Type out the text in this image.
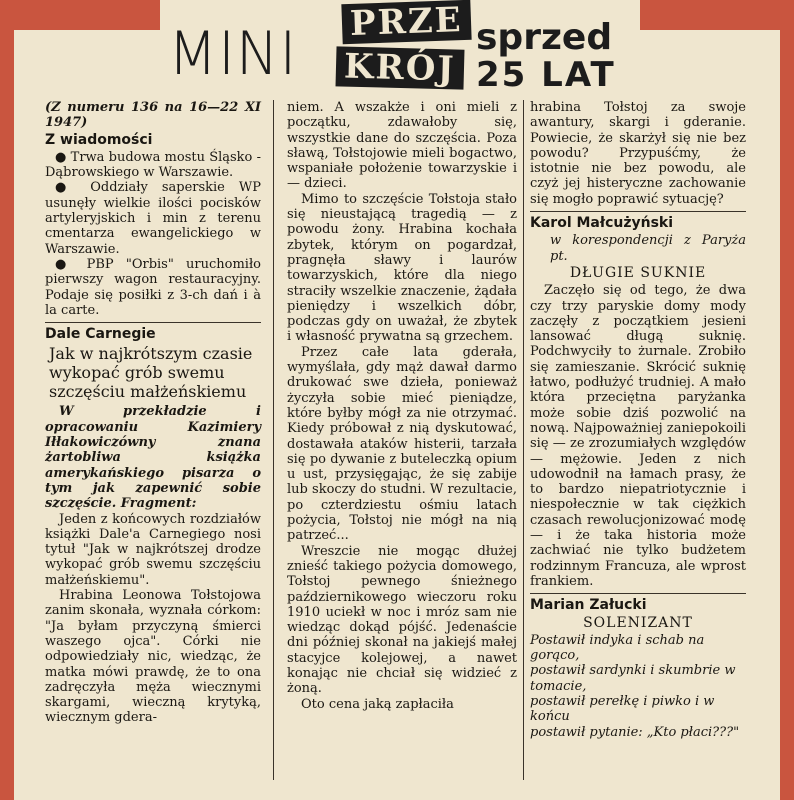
MINI PRZE
KRÓJ
sprzed
25 LAT

(Z numeru 136 na 16—22 XI 1947)

Z wiadomości

● Trwa budowa mostu Śląsko - Dąbrowskiego w Warszawie.

● Oddziały saperskie WP usunęły wielkie ilości pocisków artyleryjskich i min z terenu cmentarza ewangelickiego w Warszawie.

● PBP "Orbis" uruchomiło pierwszy wagon restauracyjny. Podaje się posiłki z 3-ch dań i à la carte.

Dale Carnegie

Jak w najkrótszym czasie wykopać grób swemu szczęściu małżeńskiemu

W przekładzie i opracowaniu Kazimiery Iłłakowiczówny znana żartobliwa książka amerykańskiego pisarza o tym jak zapewnić sobie szczęście. Fragment:

Jeden z końcowych rozdziałów książki Dale'a Carnegiego nosi tytuł "Jak w najkrótszej drodze wykopać grób swemu szczęściu małżeńskiemu".

Hrabina Leonowa Tołstojowa zanim skonała, wyznała córkom: "Ja byłam przyczyną śmierci waszego ojca". Córki nie odpowiedziały nic, wiedząc, że matka mówi prawdę, że to ona zadręczyła męża wiecznymi skargami, wieczną krytyką, wiecznym gdera-

niem. A wszakże i oni mieli z początku, zdawałoby się, wszystkie dane do szczęścia. Poza sławą, Tołstojowie mieli bogactwo, wspaniałe położenie towarzyskie i — dzieci.

Mimo to szczęście Tołstoja stało się nieustającą tragedią — z powodu żony. Hrabina kochała zbytek, którym on pogardzał, pragnęła sławy i laurów towarzyskich, które dla niego straciły wszelkie znaczenie, żądała pieniędzy i wszelkich dóbr, podczas gdy on uważał, że zbytek i własność prywatna są grzechem.

Przez całe lata gderała, wymyślała, gdy mąż dawał darmo drukować swe dzieła, ponieważ życzyła sobie mieć pieniądze, które byłby mógł za nie otrzymać. Kiedy próbował z nią dyskutować, dostawała ataków histerii, tarzała się po dywanie z buteleczką opium u ust, przysięgając, że się zabije lub skoczy do studni. W rezultacie, po czterdziestu ośmiu latach pożycia, Tołstoj nie mógł na nią patrzeć...

Wreszcie nie mogąc dłużej znieść takiego pożycia domowego, Tołstoj pewnego śnieżnego październikowego wieczoru roku 1910 uciekł w noc i mróz sam nie wiedząc dokąd pójść. Jedenaście dni później skonał na jakiejś małej stacyjce kolejowej, a nawet konając nie chciał się widzieć z żoną.

Oto cena jaką zapłaciła

hrabina Tołstoj za swoje awantury, skargi i gderanie. Powiecie, że skarżył się nie bez powodu? Przypuśćmy, że istotnie nie bez powodu, ale czyż jej histeryczne zachowanie się mogło poprawić sytuację?

Karol Małcużyński

w korespondencji z Paryża pt.

DŁUGIE SUKNIE

Zaczęło się od tego, że dwa czy trzy paryskie domy mody zaczęły z początkiem jesieni lansować długą suknię. Podchwyciły to żurnale. Zrobiło się zamieszanie. Skrócić suknię łatwo, podłużyć trudniej. A mało która przeciętna paryżanka może sobie dziś pozwolić na nową. Najpoważniej zaniepokoili się — ze zrozumiałych względów — mężowie. Jeden z nich udowodnił na łamach prasy, że to bardzo niepatriotycznie i niespołecznie w tak ciężkich czasach rewolucjonizować modę — i że taka historia może zachwiać nie tylko budżetem rodzinnym Francuza, ale wprost frankiem.

Marian Załucki
SOLENIZANT

Postawił indyka i schab na gorąco,

postawił sardynki i skumbrie w tomacie,

postawił perełkę i piwko i w końcu

postawił pytanie: „Kto płaci???"
